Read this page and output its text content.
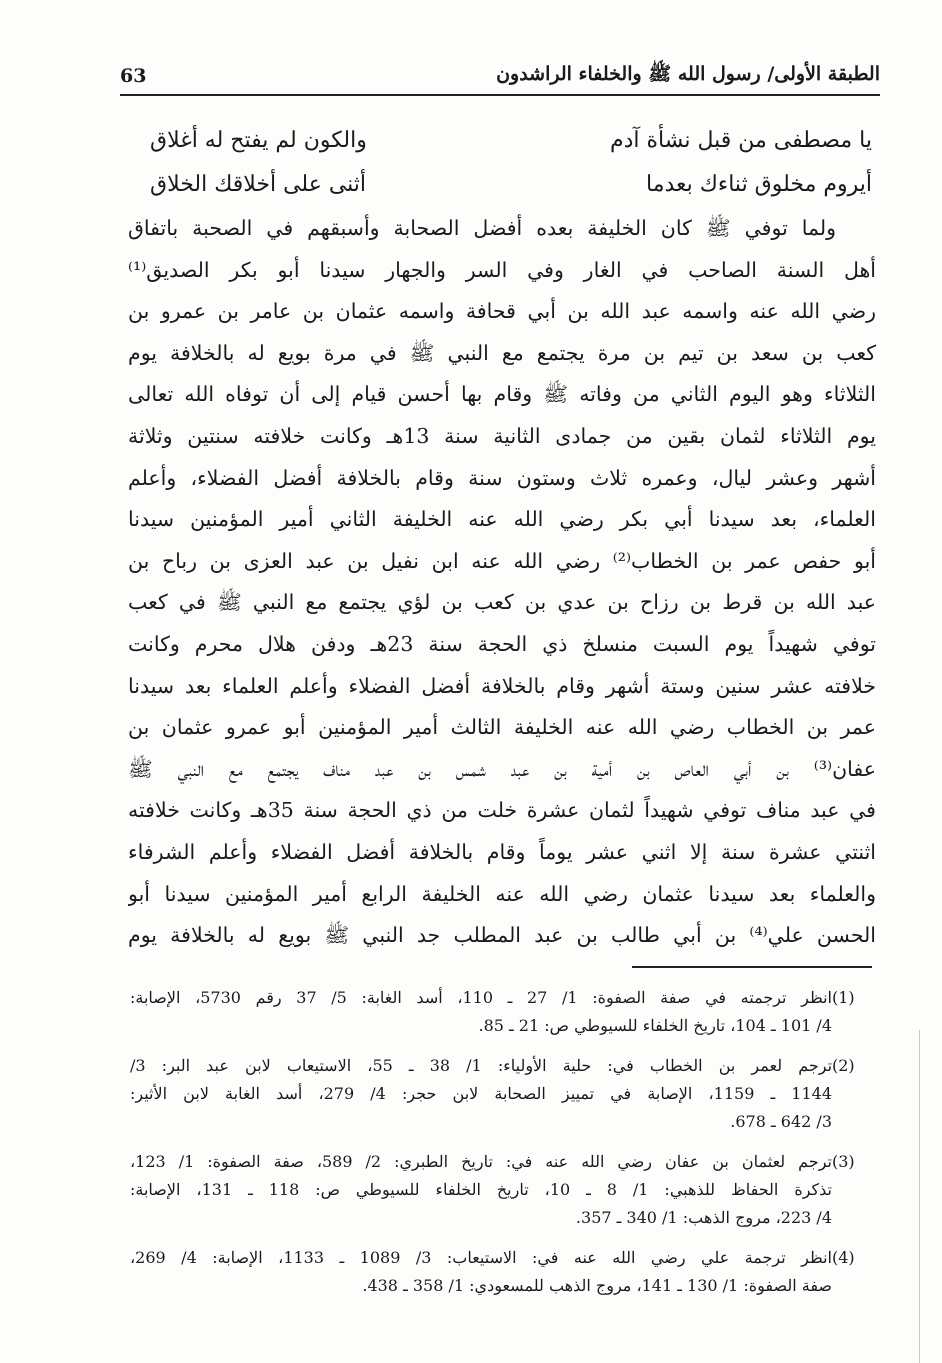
الطبقة الأولى/ رسول الله ﷺ والخلفاء الراشدون
63
يا مصطفى من قبل نشأة آدم
والكون لم يفتح له أغلاق
أيروم مخلوق ثناءك بعدما
أثنى على أخلاقك الخلاق
ولما توفي ﷺ كان الخليفة بعده أفضل الصحابة وأسبقهم في الصحبة باتفاق
أهل السنة الصاحب في الغار وفي السر والجهار سيدنا أبو بكر الصديق⁽¹⁾
رضي الله عنه واسمه عبد الله بن أبي قحافة واسمه عثمان بن عامر بن عمرو بن
كعب بن سعد بن تيم بن مرة يجتمع مع النبي ﷺ في مرة بويع له بالخلافة يوم
الثلاثاء وهو اليوم الثاني من وفاته ﷺ وقام بها أحسن قيام إلى أن توفاه الله تعالى
يوم الثلاثاء لثمان بقين من جمادى الثانية سنة 13هـ وكانت خلافته سنتين وثلاثة
أشهر وعشر ليال، وعمره ثلاث وستون سنة وقام بالخلافة أفضل الفضلاء، وأعلم
العلماء، بعد سيدنا أبي بكر رضي الله عنه الخليفة الثاني أمير المؤمنين سيدنا
أبو حفص عمر بن الخطاب⁽²⁾ رضي الله عنه ابن نفيل بن عبد العزى بن رباح بن
عبد الله بن قرط بن رزاح بن عدي بن كعب بن لؤي يجتمع مع النبي ﷺ في كعب
توفي شهيداً يوم السبت منسلخ ذي الحجة سنة 23هـ ودفن هلال محرم وكانت
خلافته عشر سنين وستة أشهر وقام بالخلافة أفضل الفضلاء وأعلم العلماء بعد سيدنا
عمر بن الخطاب رضي الله عنه الخليفة الثالث أمير المؤمنين أبو عمرو عثمان بن
عفان⁽³⁾ بن أبي العاص بن أمية بن عبد شمس بن عبد مناف يجتمع مع النبي ﷺ
في عبد مناف توفي شهيداً لثمان عشرة خلت من ذي الحجة سنة 35هـ وكانت خلافته
اثنتي عشرة سنة إلا اثني عشر يوماً وقام بالخلافة أفضل الفضلاء وأعلم الشرفاء
والعلماء بعد سيدنا عثمان رضي الله عنه الخليفة الرابع أمير المؤمنين سيدنا أبو
الحسن علي⁽⁴⁾ بن أبي طالب بن عبد المطلب جد النبي ﷺ بويع له بالخلافة يوم
(1)
انظر ترجمته في صفة الصفوة: 1/ 27 ـ 110، أسد الغابة: 5/ 37 رقم 5730، الإصابة:
4/ 101 ـ 104، تاريخ الخلفاء للسيوطي ص: 21 ـ 85.
(2)
ترجم لعمر بن الخطاب في: حلية الأولياء: 1/ 38 ـ 55، الاستيعاب لابن عبد البر: 3/
1144 ـ 1159، الإصابة في تمييز الصحابة لابن حجر: 4/ 279، أسد الغابة لابن الأثير:
3/ 642 ـ 678.
(3)
ترجم لعثمان بن عفان رضي الله عنه في: تاريخ الطبري: 2/ 589، صفة الصفوة: 1/ 123،
تذكرة الحفاظ للذهبي: 1/ 8 ـ 10، تاريخ الخلفاء للسيوطي ص: 118 ـ 131، الإصابة:
4/ 223، مروج الذهب: 1/ 340 ـ 357.
(4)
انظر ترجمة علي رضي الله عنه في: الاستيعاب: 3/ 1089 ـ 1133، الإصابة: 4/ 269،
صفة الصفوة: 1/ 130 ـ 141، مروج الذهب للمسعودي: 1/ 358 ـ 438.
